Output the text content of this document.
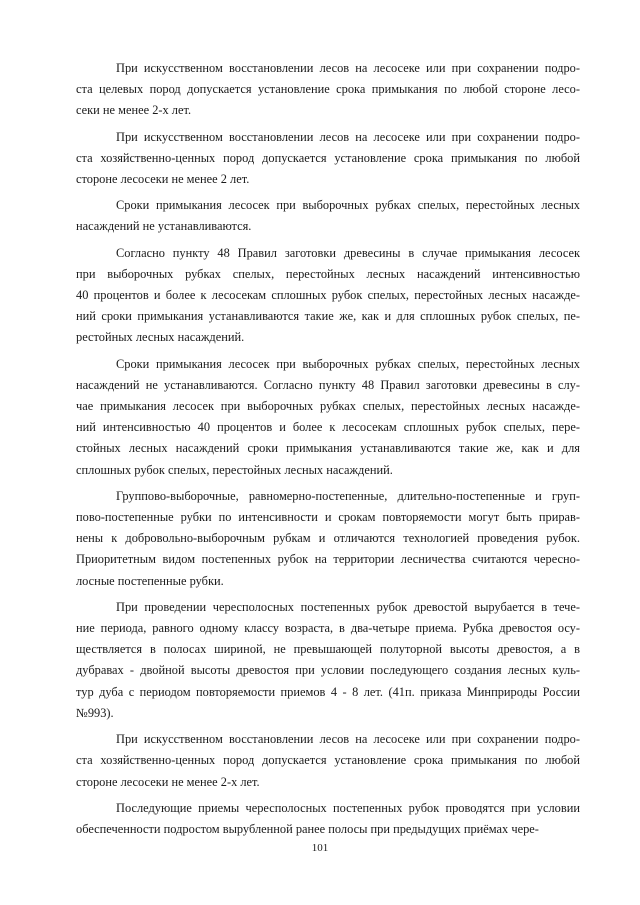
При искусственном восстановлении лесов на лесосеке или при сохранении подро-
ста целевых пород допускается установление срока примыкания по любой стороне лесо-
секи не менее 2-х лет.
При искусственном восстановлении лесов на лесосеке или при сохранении подро-
ста хозяйственно-ценных пород допускается установление срока примыкания по любой
стороне лесосеки не менее 2 лет.
Сроки примыкания лесосек при выборочных рубках спелых, перестойных лесных
насаждений не устанавливаются.
Согласно пункту 48 Правил заготовки древесины в случае примыкания лесосек
при выборочных рубках спелых, перестойных лесных насаждений интенсивностью
40 процентов и более к лесосекам сплошных рубок спелых, перестойных лесных насажде-
ний сроки примыкания устанавливаются такие же, как и для сплошных рубок спелых, пе-
рестойных лесных насаждений.
Сроки примыкания лесосек при выборочных рубках спелых, перестойных лесных
насаждений не устанавливаются. Согласно пункту 48 Правил заготовки древесины в слу-
чае примыкания лесосек при выборочных рубках спелых, перестойных лесных насажде-
ний интенсивностью 40 процентов и более к лесосекам сплошных рубок спелых, пере-
стойных лесных насаждений сроки примыкания устанавливаются такие же, как и для
сплошных рубок спелых, перестойных лесных насаждений.
Группово-выборочные, равномерно-постепенные, длительно-постепенные и груп-
пово-постепенные рубки по интенсивности и срокам повторяемости могут быть прирав-
нены к добровольно-выборочным рубкам и отличаются технологией проведения рубок.
Приоритетным видом постепенных рубок на территории лесничества считаются чересно-
лосные постепенные рубки.
При проведении чересполосных постепенных рубок древостой вырубается в тече-
ние периода, равного одному классу возраста, в два-четыре приема. Рубка древостоя осу-
ществляется в полосах шириной, не превышающей полуторной высоты древостоя, а в
дубравах - двойной высоты древостоя при условии последующего создания лесных куль-
тур дуба с периодом повторяемости приемов 4 - 8 лет. (41п. приказа Минприроды России
№993).
При искусственном восстановлении лесов на лесосеке или при сохранении подро-
ста хозяйственно-ценных пород допускается установление срока примыкания по любой
стороне лесосеки не менее 2-х лет.
Последующие приемы чересполосных постепенных рубок проводятся при условии
обеспеченности подростом вырубленной ранее полосы при предыдущих приёмах чере-
101
